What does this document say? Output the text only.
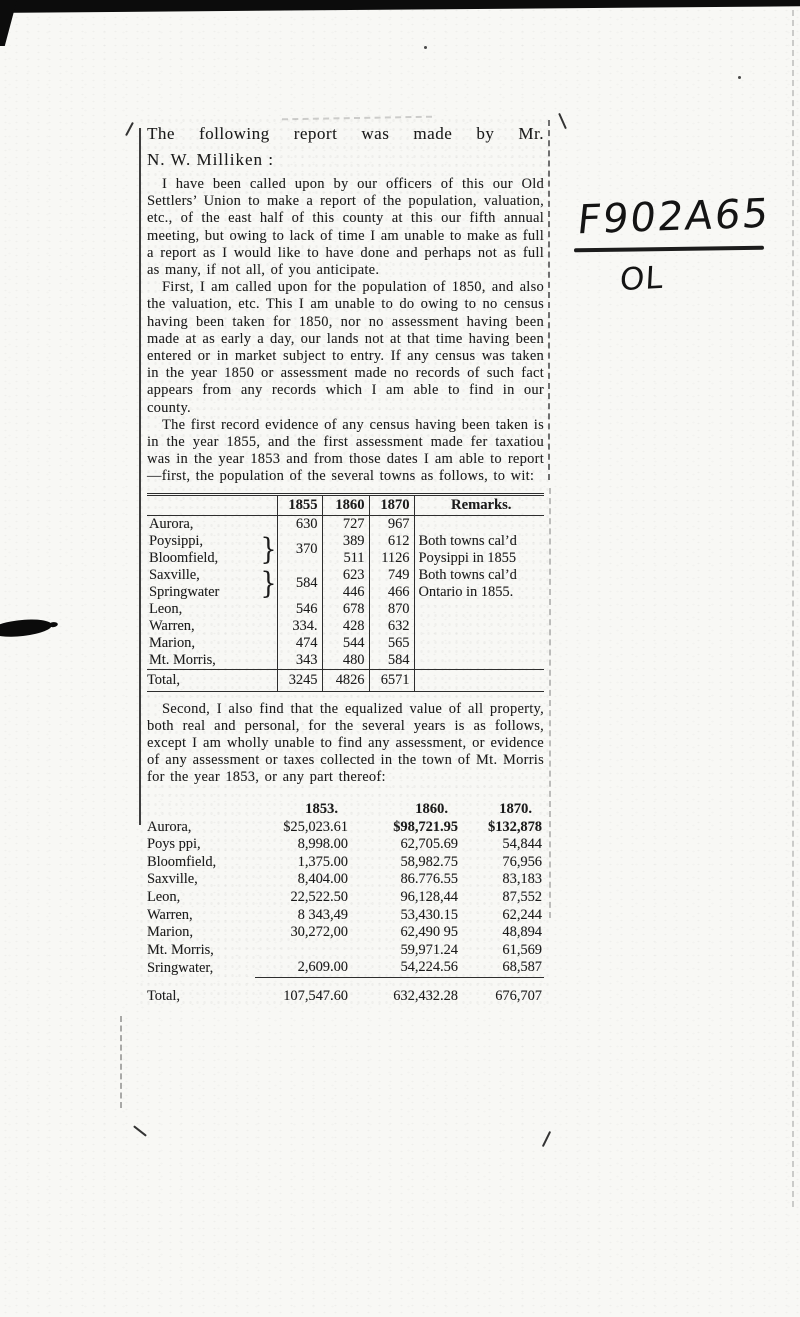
F902A65
OL
The following report was made by Mr.
N. W. Milliken :

I have been called upon by our officers of this our Old Settlers’ Union to make a report of the population, valuation, etc., of the east half of this county at this our fifth annual meeting, but owing to lack of time I am unable to make as full a report as I would like to have done and perhaps not as full as many, if not all, of you anticipate.

First, I am called upon for the population of 1850, and also the valuation, etc. This I am unable to do owing to no census having been taken for 1850, nor no assessment having been made at as early a day, our lands not at that time having been entered or in market subject to entry. If any census was taken in the year 1850 or assessment made no records of such fact appears from any records which I am able to find in our county.

The first record evidence of any census having been taken is in the year 1855, and the first assessment made fer taxatiou was in the year 1853 and from those dates I am able to report—first, the population of the several towns as follows, to wit:

		1855	1860	1870	Remarks.
Aurora,		630	727	967	
Poysippi,	}	370	389	612	Both towns cal’d
Bloomfield,			511	1126	Poysippi in 1855
Saxville,	}	584	623	749	Both towns cal’d
Springwater			446	466	Ontario in 1855.
Leon,		546	678	870	
Warren,		334.	428	632	
Marion,		474	544	565	
Mt. Morris,		343	480	584	
Total,		3245	4826	6571	

Second, I also find that the equalized value of all property, both real and personal, for the several years is as follows, except I am wholly unable to find any assessment, or evidence of any assessment or taxes collected in the town of Mt. Morris for the year 1853, or any part thereof:

	1853.	1860.	1870.
Aurora,	$25,023.61	$98,721.95	$132,878
Poys ppi,	8,998.00	62,705.69	54,844
Bloomfield,	1,375.00	58,982.75	76,956
Saxville,	8,404.00	86.776.55	83,183
Leon,	22,522.50	96,128,44	87,552
Warren,	8 343,49	53,430.15	62,244
Marion,	30,272,00	62,490 95	48,894
Mt. Morris,		59,971.24	61,569
Sringwater,	2,609.00	54,224.56	68,587
Total,	107,547.60	632,432.28	676,707
